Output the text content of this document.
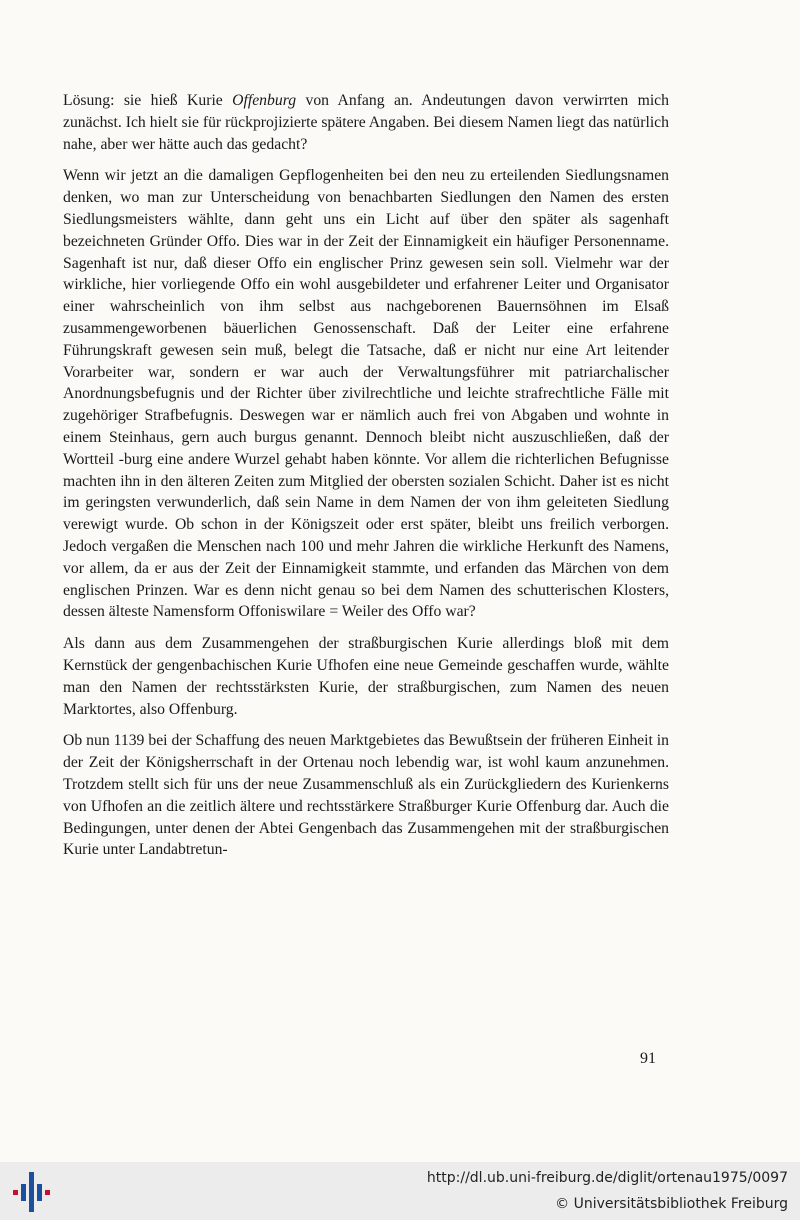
Lösung: sie hieß Kurie Offenburg von Anfang an. Andeutungen davon verwirrten mich zunächst. Ich hielt sie für rückprojizierte spätere Angaben. Bei diesem Namen liegt das natürlich nahe, aber wer hätte auch das gedacht?

Wenn wir jetzt an die damaligen Gepflogenheiten bei den neu zu erteilenden Siedlungsnamen denken, wo man zur Unterscheidung von benachbarten Siedlungen den Namen des ersten Siedlungsmeisters wählte, dann geht uns ein Licht auf über den später als sagenhaft bezeichneten Gründer Offo. Dies war in der Zeit der Einnamigkeit ein häufiger Personenname. Sagenhaft ist nur, daß dieser Offo ein englischer Prinz gewesen sein soll. Vielmehr war der wirkliche, hier vorliegende Offo ein wohl ausgebildeter und erfahrener Leiter und Organisator einer wahrscheinlich von ihm selbst aus nachgeborenen Bauernsöhnen im Elsaß zusammengeworbenen bäuerlichen Genossenschaft. Daß der Leiter eine erfahrene Führungskraft gewesen sein muß, belegt die Tatsache, daß er nicht nur eine Art leitender Vorarbeiter war, sondern er war auch der Verwaltungsführer mit patriarchalischer Anordnungsbefugnis und der Richter über zivilrechtliche und leichte strafrechtliche Fälle mit zugehöriger Strafbefugnis. Deswegen war er nämlich auch frei von Abgaben und wohnte in einem Steinhaus, gern auch burgus genannt. Dennoch bleibt nicht auszuschließen, daß der Wortteil -burg eine andere Wurzel gehabt haben könnte. Vor allem die richterlichen Befugnisse machten ihn in den älteren Zeiten zum Mitglied der obersten sozialen Schicht. Daher ist es nicht im geringsten verwunderlich, daß sein Name in dem Namen der von ihm geleiteten Siedlung verewigt wurde. Ob schon in der Königszeit oder erst später, bleibt uns freilich verborgen. Jedoch vergaßen die Menschen nach 100 und mehr Jahren die wirkliche Herkunft des Namens, vor allem, da er aus der Zeit der Einnamigkeit stammte, und erfanden das Märchen von dem englischen Prinzen. War es denn nicht genau so bei dem Namen des schutterischen Klosters, dessen älteste Namensform Offoniswilare = Weiler des Offo war?

Als dann aus dem Zusammengehen der straßburgischen Kurie allerdings bloß mit dem Kernstück der gengenbachischen Kurie Ufhofen eine neue Gemeinde geschaffen wurde, wählte man den Namen der rechtsstärksten Kurie, der straßburgischen, zum Namen des neuen Marktortes, also Offenburg.

Ob nun 1139 bei der Schaffung des neuen Marktgebietes das Bewußtsein der früheren Einheit in der Zeit der Königsherrschaft in der Ortenau noch lebendig war, ist wohl kaum anzunehmen. Trotzdem stellt sich für uns der neue Zusammenschluß als ein Zurückgliedern des Kurienkerns von Ufhofen an die zeitlich ältere und rechtsstärkere Straßburger Kurie Offenburg dar. Auch die Bedingungen, unter denen der Abtei Gengenbach das Zusammengehen mit der straßburgischen Kurie unter Landabtretun-

91
http://dl.ub.uni-freiburg.de/diglit/ortenau1975/0097
© Universitätsbibliothek Freiburg
